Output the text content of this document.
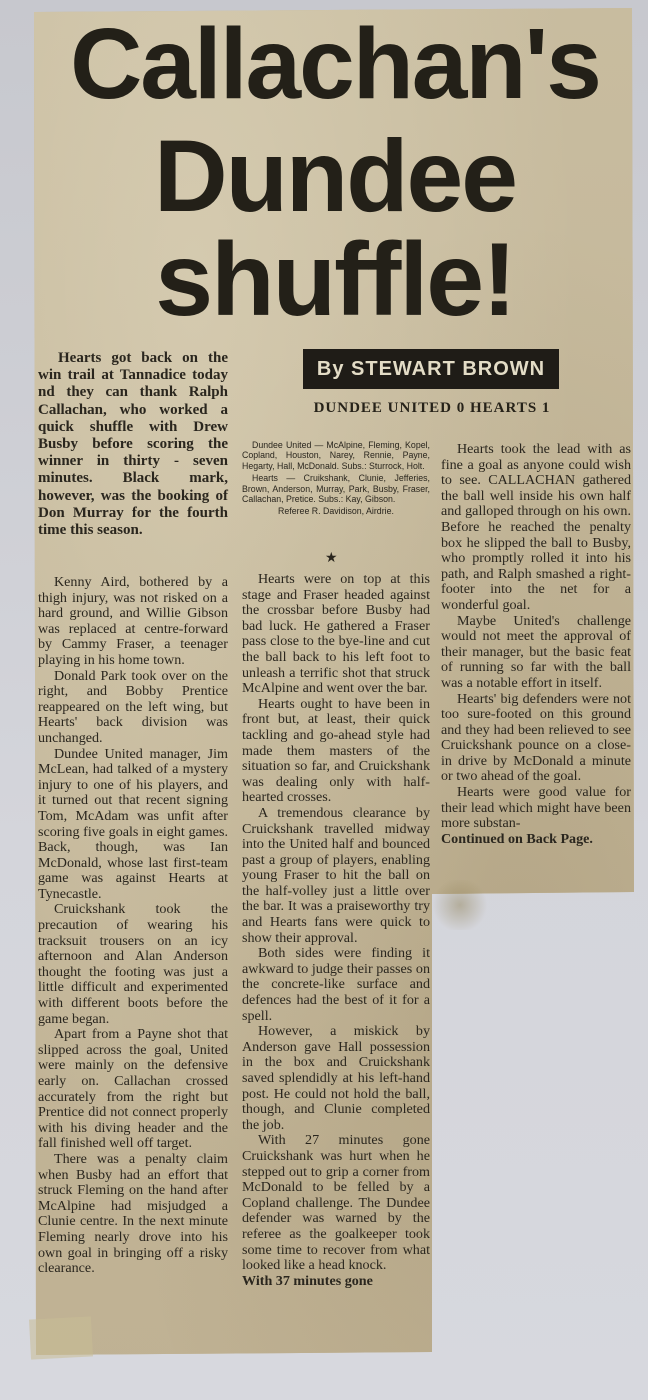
Callachan's
Dundee
shuffle!
By STEWART BROWN
DUNDEE UNITED 0 HEARTS 1

Hearts got back on the win trail at Tannadice today nd they can thank Ralph Callachan, who worked a quick shuffle with Drew Busby before scoring the winner in thirty - seven minutes. Black mark, however, was the booking of Don Murray for the fourth time this season.

Kenny Aird, bothered by a thigh injury, was not risked on a hard ground, and Willie Gibson was replaced at centre-forward by Cammy Fraser, a teenager playing in his home town.

Donald Park took over on the right, and Bobby Prentice reappeared on the left wing, but Hearts' back division was unchanged.

Dundee United manager, Jim McLean, had talked of a mystery injury to one of his players, and it turned out that recent signing Tom, McAdam was unfit after scoring five goals in eight games. Back, though, was Ian McDonald, whose last first-team game was against Hearts at Tynecastle.

Cruickshank took the precaution of wearing his tracksuit trousers on an icy afternoon and Alan Anderson thought the footing was just a little difficult and experimented with different boots before the game began.

Apart from a Payne shot that slipped across the goal, United were mainly on the defensive early on. Callachan crossed accurately from the right but Prentice did not connect properly with his diving header and the fall finished well off target.

There was a penalty claim when Busby had an effort that struck Fleming on the hand after McAlpine had misjudged a Clunie centre. In the next minute Fleming nearly drove into his own goal in bringing off a risky clearance.

Dundee United — McAlpine, Fleming, Kopel, Copland, Houston, Narey, Rennie, Payne, Hegarty, Hall, McDonald. Subs.: Sturrock, Holt.

Hearts — Cruikshank, Clunie, Jefferies, Brown, Anderson, Murray, Park, Busby, Fraser, Callachan, Pretice. Subs.: Kay, Gibson.

Referee R. Davidison, Airdrie.

★

Hearts were on top at this stage and Fraser headed against the crossbar before Busby had bad luck. He gathered a Fraser pass close to the bye-line and cut the ball back to his left foot to unleash a terrific shot that struck McAlpine and went over the bar.

Hearts ought to have been in front but, at least, their quick tackling and go-ahead style had made them masters of the situation so far, and Cruickshank was dealing only with half-hearted crosses.

A tremendous clearance by Cruickshank travelled midway into the United half and bounced past a group of players, enabling young Fraser to hit the ball on the half-volley just a little over the bar. It was a praiseworthy try and Hearts fans were quick to show their approval.

Both sides were finding it awkward to judge their passes on the concrete-like surface and defences had the best of it for a spell.

However, a miskick by Anderson gave Hall possession in the box and Cruickshank saved splendidly at his left-hand post. He could not hold the ball, though, and Clunie completed the job.

With 27 minutes gone Cruickshank was hurt when he stepped out to grip a corner from McDonald to be felled by a Copland challenge. The Dundee defender was warned by the referee as the goalkeeper took some time to recover from what looked like a head knock.

With 37 minutes gone

Hearts took the lead with as fine a goal as anyone could wish to see. CALLACHAN gathered the ball well inside his own half and galloped through on his own. Before he reached the penalty box he slipped the ball to Busby, who promptly rolled it into his path, and Ralph smashed a right-footer into the net for a wonderful goal.

Maybe United's challenge would not meet the approval of their manager, but the basic feat of running so far with the ball was a notable effort in itself.

Hearts' big defenders were not too sure-footed on this ground and they had been relieved to see Cruickshank pounce on a close-in drive by McDonald a minute or two ahead of the goal.

Hearts were good value for their lead which might have been more substan-

Continued on Back Page.
